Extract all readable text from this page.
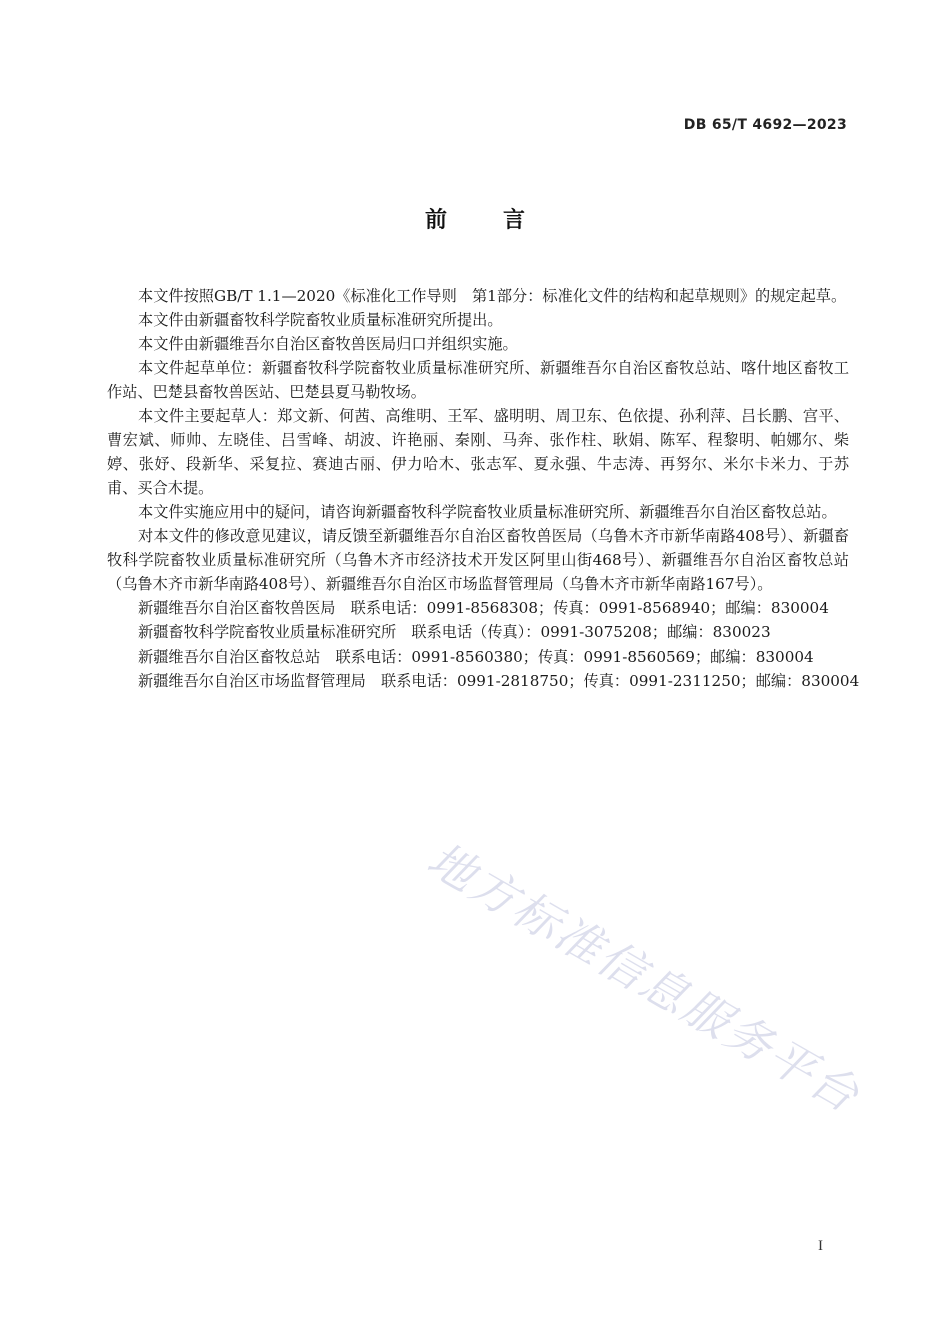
DB 65/T 4692—2023
前言

本文件按照GB/T 1.1—2020《标准化工作导则　第1部分：标准化文件的结构和起草规则》的规定起草。

本文件由新疆畜牧科学院畜牧业质量标准研究所提出。

本文件由新疆维吾尔自治区畜牧兽医局归口并组织实施。

本文件起草单位：新疆畜牧科学院畜牧业质量标准研究所、新疆维吾尔自治区畜牧总站、喀什地区畜牧工作站、巴楚县畜牧兽医站、巴楚县夏马勒牧场。

本文件主要起草人：郑文新、何茜、高维明、王军、盛明明、周卫东、色依提、孙利萍、吕长鹏、宫平、曹宏斌、师帅、左晓佳、吕雪峰、胡波、许艳丽、秦刚、马奔、张作柱、耿娟、陈军、程黎明、帕娜尔、柴婷、张妤、段新华、采复拉、赛迪古丽、伊力哈木、张志军、夏永强、牛志涛、再努尔、米尔卡米力、于苏甫、买合木提。

本文件实施应用中的疑问，请咨询新疆畜牧科学院畜牧业质量标准研究所、新疆维吾尔自治区畜牧总站。

对本文件的修改意见建议，请反馈至新疆维吾尔自治区畜牧兽医局（乌鲁木齐市新华南路408号）、新疆畜牧科学院畜牧业质量标准研究所（乌鲁木齐市经济技术开发区阿里山街468号）、新疆维吾尔自治区畜牧总站（乌鲁木齐市新华南路408号）、新疆维吾尔自治区市场监督管理局（乌鲁木齐市新华南路167号）。

新疆维吾尔自治区畜牧兽医局　联系电话：0991-8568308；传真：0991-8568940；邮编：830004

新疆畜牧科学院畜牧业质量标准研究所　联系电话（传真）：0991-3075208；邮编：830023

新疆维吾尔自治区畜牧总站　联系电话：0991-8560380；传真：0991-8560569；邮编：830004

新疆维吾尔自治区市场监督管理局　联系电话：0991-2818750；传真：0991-2311250；邮编：830004

地方标准信息服务平台
I
